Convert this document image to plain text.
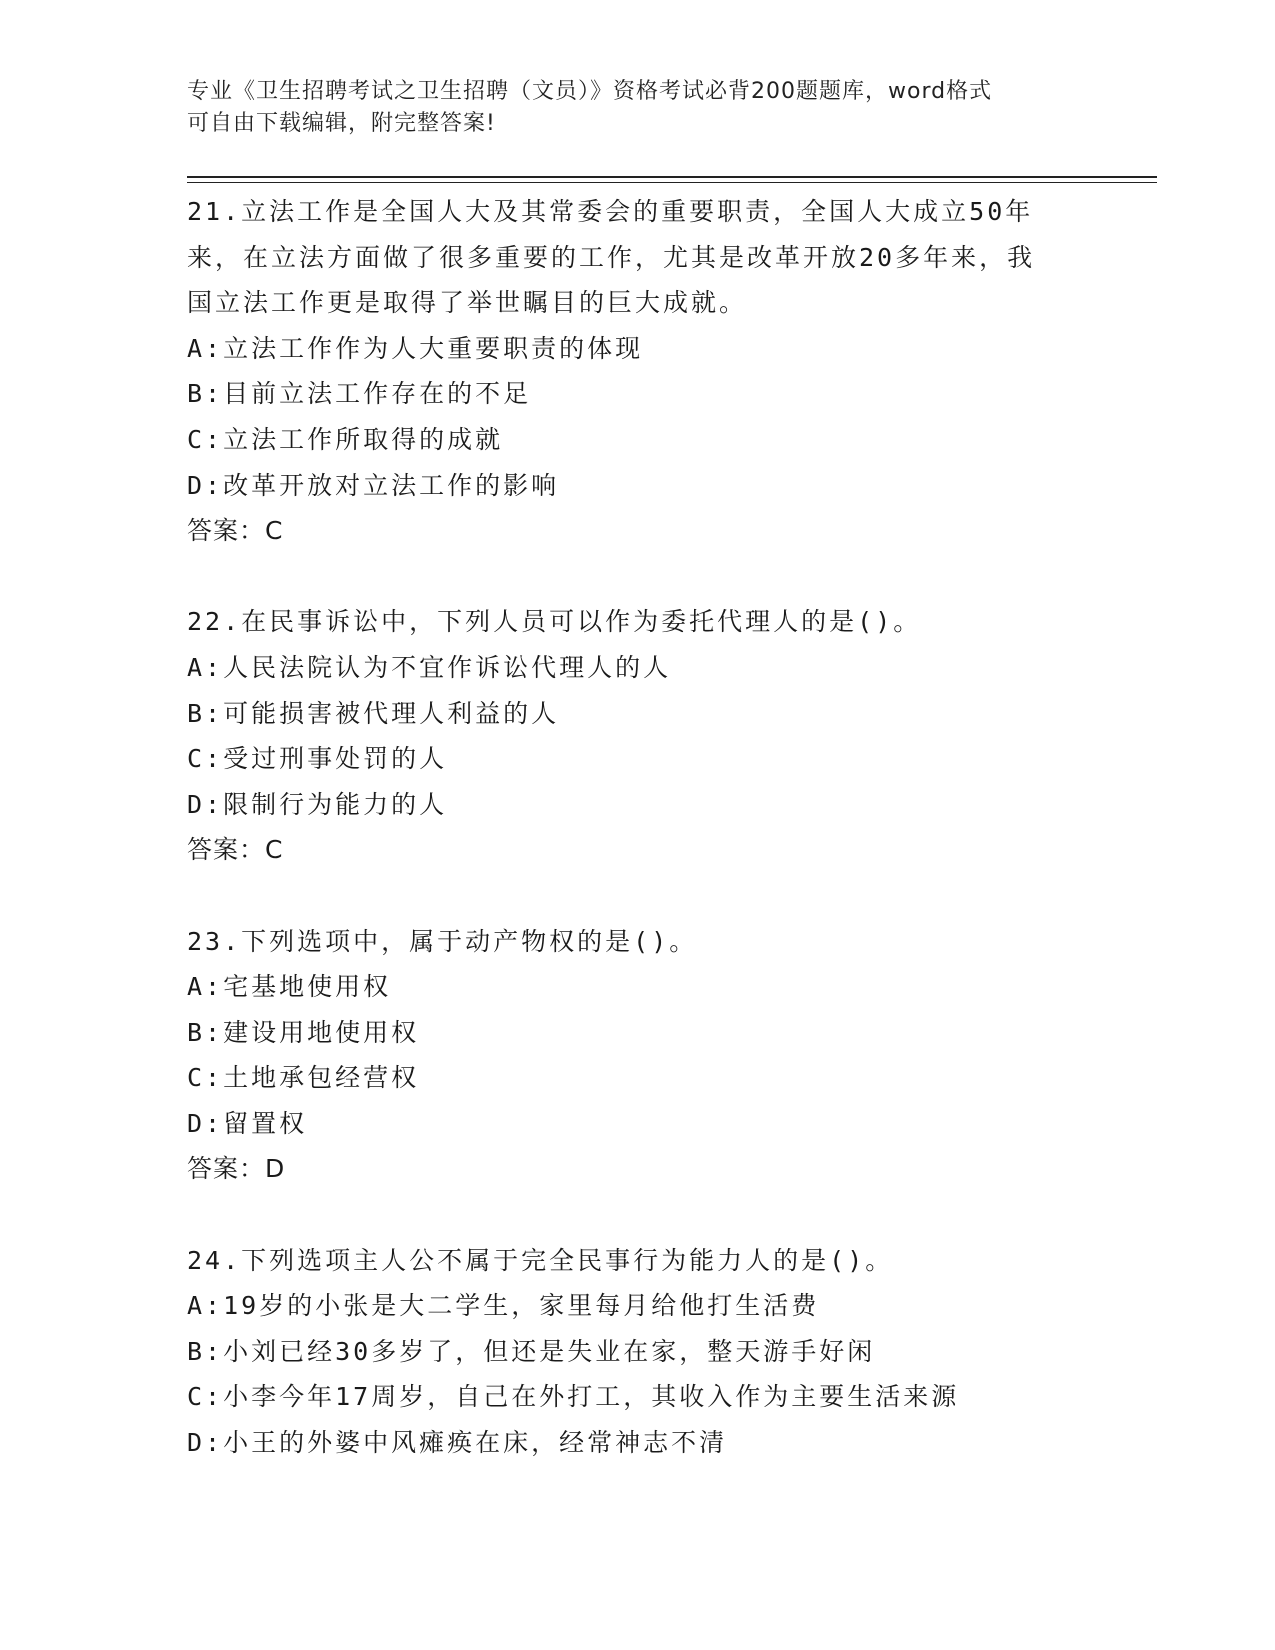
专业《卫生招聘考试之卫生招聘（文员）》资格考试必背200题题库，word格式
可自由下载编辑，附完整答案!
21.立法工作是全国人大及其常委会的重要职责，全国人大成立50年
来，在立法方面做了很多重要的工作，尤其是改革开放20多年来，我
国立法工作更是取得了举世瞩目的巨大成就。
A:立法工作作为人大重要职责的体现
B:目前立法工作存在的不足
C:立法工作所取得的成就
D:改革开放对立法工作的影响
答案：C
22.在民事诉讼中，下列人员可以作为委托代理人的是()。
A:人民法院认为不宜作诉讼代理人的人
B:可能损害被代理人利益的人
C:受过刑事处罚的人
D:限制行为能力的人
答案：C
23.下列选项中，属于动产物权的是()。
A:宅基地使用权
B:建设用地使用权
C:土地承包经营权
D:留置权
答案：D
24.下列选项主人公不属于完全民事行为能力人的是()。
A:19岁的小张是大二学生，家里每月给他打生活费
B:小刘已经30多岁了，但还是失业在家，整天游手好闲
C:小李今年17周岁，自己在外打工，其收入作为主要生活来源
D:小王的外婆中风瘫痪在床，经常神志不清
